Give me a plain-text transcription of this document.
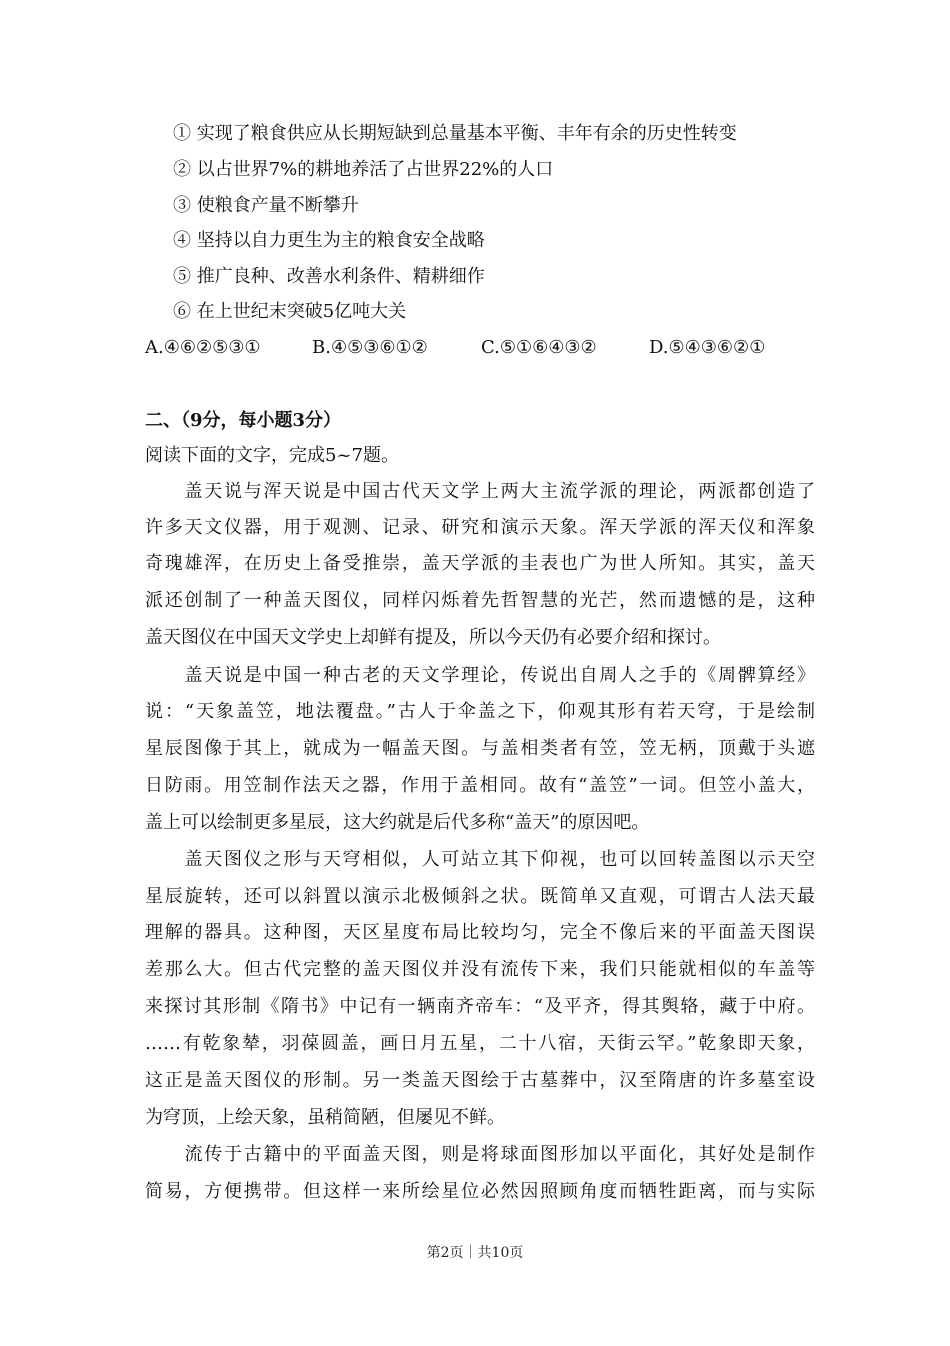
① 实现了粮食供应从长期短缺到总量基本平衡、丰年有余的历史性转变
② 以占世界7%的耕地养活了占世界22%的人口
③ 使粮食产量不断攀升
④ 坚持以自力更生为主的粮食安全战略
⑤ 推广良种、改善水利条件、精耕细作
⑥ 在上世纪末突破5亿吨大关
A.④⑥②⑤③①	B.④⑤③⑥①②	C.⑤①⑥④③②	D.⑤④③⑥②①
二、（9分，每小题3分）
阅读下面的文字，完成5~7题。
　　盖天说与浑天说是中国古代天文学上两大主流学派的理论，两派都创造了
许多天文仪器，用于观测、记录、研究和演示天象。浑天学派的浑天仪和浑象
奇瑰雄浑，在历史上备受推崇，盖天学派的圭表也广为世人所知。其实，盖天
派还创制了一种盖天图仪，同样闪烁着先哲智慧的光芒，然而遗憾的是，这种
盖天图仪在中国天文学史上却鲜有提及，所以今天仍有必要介绍和探讨。
　　盖天说是中国一种古老的天文学理论，传说出自周人之手的《周髀算经》
说：“天象盖笠，地法覆盘。”古人于伞盖之下，仰观其形有若天穹，于是绘制
星辰图像于其上，就成为一幅盖天图。与盖相类者有笠，笠无柄，顶戴于头遮
日防雨。用笠制作法天之器，作用于盖相同。故有“盖笠”一词。但笠小盖大，
盖上可以绘制更多星辰，这大约就是后代多称“盖天”的原因吧。
　　盖天图仪之形与天穹相似，人可站立其下仰视，也可以回转盖图以示天空
星辰旋转，还可以斜置以演示北极倾斜之状。既简单又直观，可谓古人法天最
理解的器具。这种图，天区星度布局比较均匀，完全不像后来的平面盖天图误
差那么大。但古代完整的盖天图仪并没有流传下来，我们只能就相似的车盖等
来探讨其形制《隋书》中记有一辆南齐帝车：“及平齐，得其舆辂，藏于中府。
……有乾象辇，羽葆圆盖，画日月五星，二十八宿，天街云罕。”乾象即天象，
这正是盖天图仪的形制。另一类盖天图绘于古墓葬中，汉至隋唐的许多墓室设
为穹顶，上绘天象，虽稍简陋，但屡见不鲜。
　　流传于古籍中的平面盖天图，则是将球面图形加以平面化，其好处是制作
简易，方便携带。但这样一来所绘星位必然因照顾角度而牺牲距离，而与实际
第2页｜共10页
